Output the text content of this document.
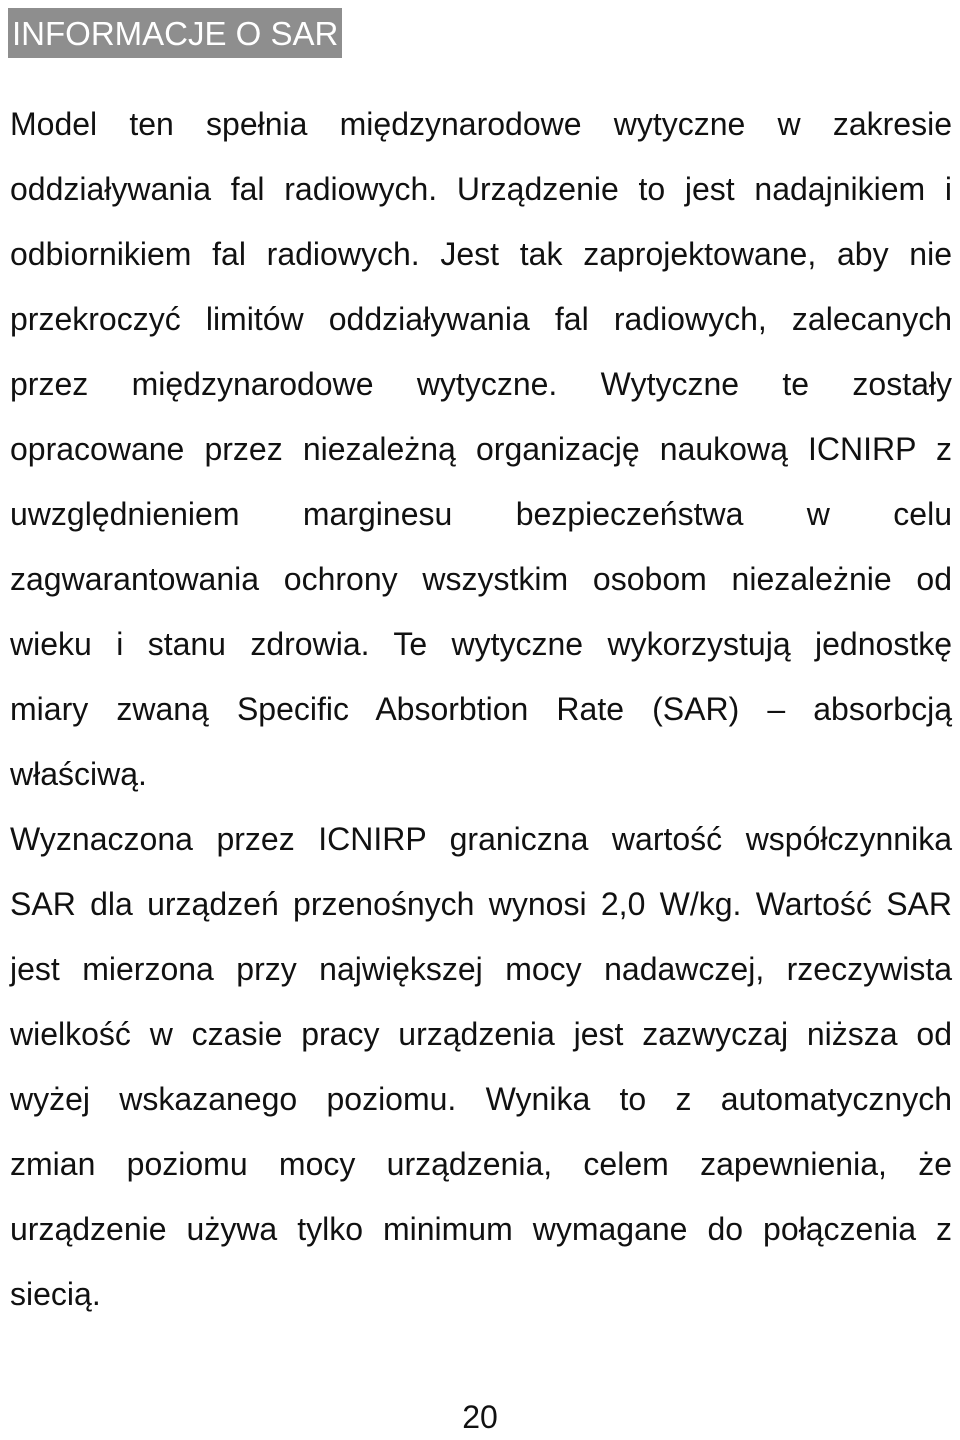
INFORMACJE O SAR
Model ten spełnia międzynarodowe wytyczne w zakresie
oddziaływania fal radiowych. Urządzenie to jest nadajnikiem i
odbiornikiem fal radiowych. Jest tak zaprojektowane, aby nie
przekroczyć limitów oddziaływania fal radiowych, zalecanych
przez międzynarodowe wytyczne. Wytyczne te zostały
opracowane przez niezależną organizację naukową ICNIRP z
uwzględnieniem marginesu bezpieczeństwa w celu
zagwarantowania ochrony wszystkim osobom niezależnie od
wieku i stanu zdrowia. Te wytyczne wykorzystują jednostkę
miary zwaną Specific Absorbtion Rate (SAR) – absorbcją
właściwą.
Wyznaczona przez ICNIRP graniczna wartość współczynnika
SAR dla urządzeń przenośnych wynosi 2,0 W/kg. Wartość SAR
jest mierzona przy największej mocy nadawczej, rzeczywista
wielkość w czasie pracy urządzenia jest zazwyczaj niższa od
wyżej wskazanego poziomu. Wynika to z automatycznych
zmian poziomu mocy urządzenia, celem zapewnienia, że
urządzenie używa tylko minimum wymagane do połączenia z
siecią.
20
